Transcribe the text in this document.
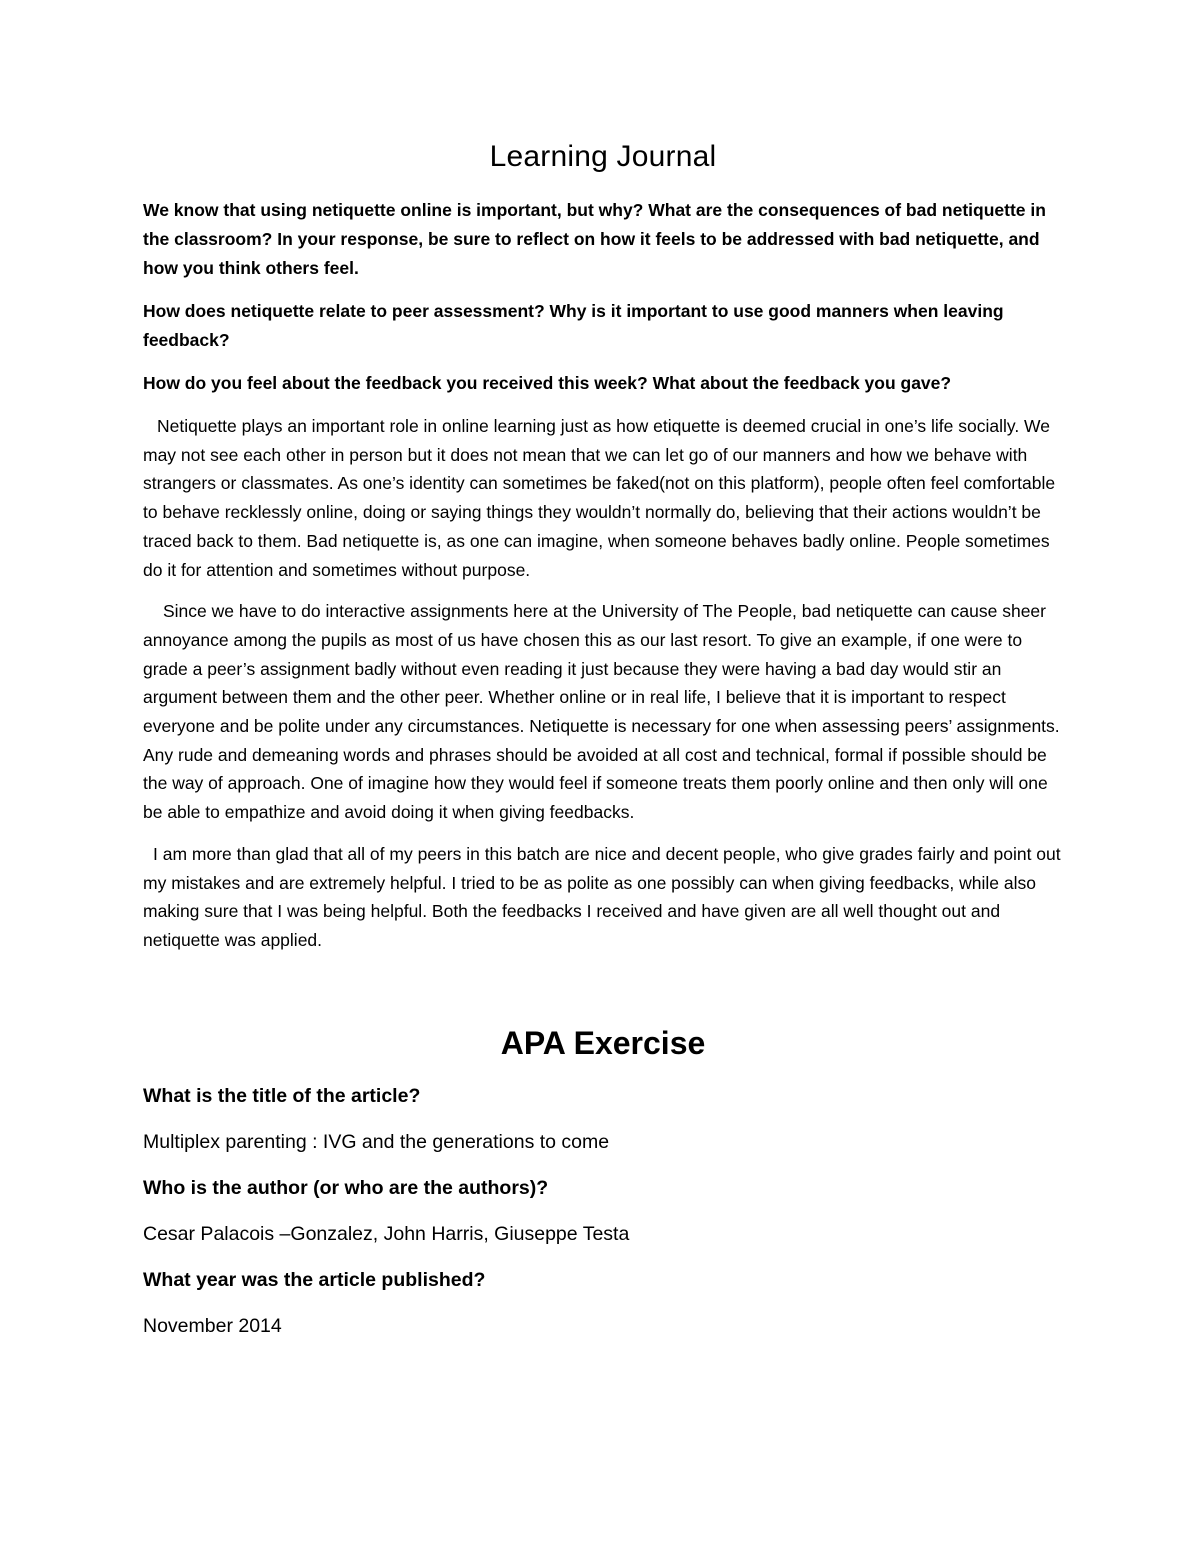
Learning Journal

We know that using netiquette online is important, but why? What are the consequences of bad netiquette in the classroom? In your response, be sure to reflect on how it feels to be addressed with bad netiquette, and how you think others feel.

How does netiquette relate to peer assessment? Why is it important to use good manners when leaving feedback?

How do you feel about the feedback you received this week? What about the feedback you gave?

Netiquette plays an important role in online learning just as how etiquette is deemed crucial in one’s life socially. We may not see each other in person but it does not mean that we can let go of our manners and how we behave with strangers or classmates. As one’s identity can sometimes be faked(not on this platform), people often feel comfortable to behave recklessly online, doing or saying things they wouldn’t normally do, believing that their actions wouldn’t be traced back to them. Bad netiquette is, as one can imagine, when someone behaves badly online. People sometimes do it for attention and sometimes without purpose.

Since we have to do interactive assignments here at the University of The People, bad netiquette can cause sheer annoyance among the pupils as most of us have chosen this as our last resort. To give an example, if one were to grade a peer’s assignment badly without even reading it just because they were having a bad day would stir an argument between them and the other peer. Whether online or in real life, I believe that it is important to respect everyone and be polite under any circumstances. Netiquette is necessary for one when assessing peers’ assignments. Any rude and demeaning words and phrases should be avoided at all cost and technical, formal if possible should be the way of approach. One of imagine how they would feel if someone treats them poorly online and then only will one be able to empathize and avoid doing it when giving feedbacks.

I am more than glad that all of my peers in this batch are nice and decent people, who give grades fairly and point out my mistakes and are extremely helpful. I tried to be as polite as one possibly can when giving feedbacks, while also making sure that I was being helpful. Both the feedbacks I received and have given are all well thought out and netiquette was applied.

APA Exercise

What is the title of the article?

Multiplex parenting : IVG and the generations to come

Who is the author (or who are the authors)?

Cesar Palacois –Gonzalez, John Harris, Giuseppe Testa

What year was the article published?

November 2014
